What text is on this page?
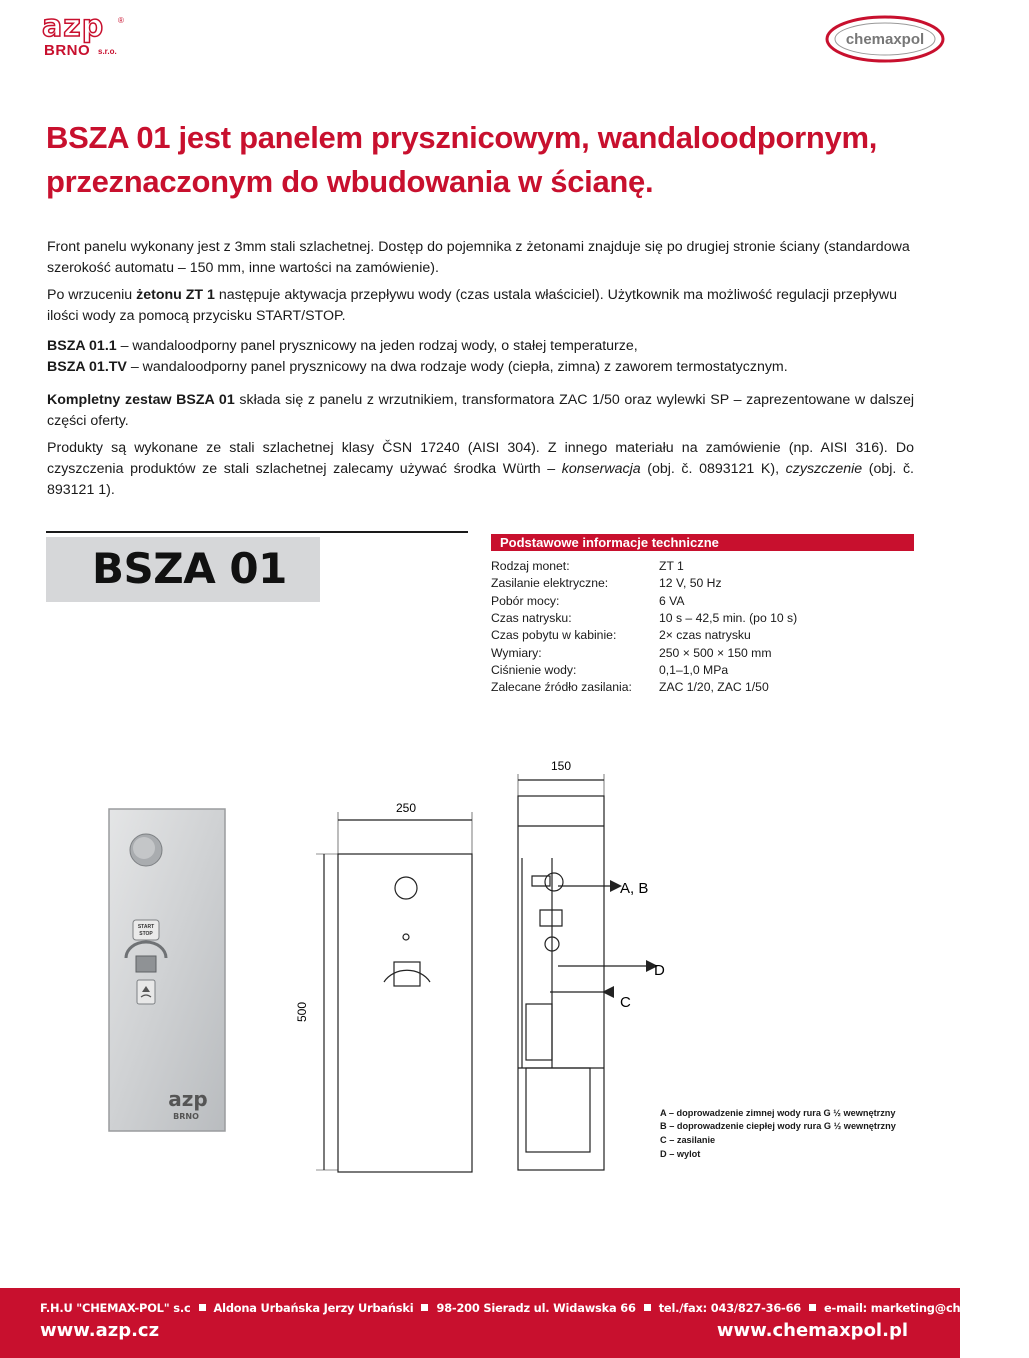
azp ®
BRNO s.r.o.
chemaxpol
BSZA 01 jest panelem prysznicowym, wandaloodpornym, przeznaczonym do wbudowania w ścianę.

Front panelu wykonany jest z 3mm stali szlachetnej. Dostęp do pojemnika z żetonami znajduje się po drugiej stronie ściany (standardowa szerokość automatu – 150 mm, inne wartości na zamówienie).

Po wrzuceniu żetonu ZT 1 następuje aktywacja przepływu wody (czas ustala właściciel). Użytkownik ma możliwość regulacji przepływu ilości wody za pomocą przycisku START/STOP.

BSZA 01.1 – wandaloodporny panel prysznicowy na jeden rodzaj wody, o stałej temperaturze,
BSZA 01.TV – wandaloodporny panel prysznicowy na dwa rodzaje wody (ciepła, zimna) z zaworem termostatycznym.

Kompletny zestaw BSZA 01 składa się z panelu z wrzutnikiem, transformatora ZAC 1/50 oraz wylewki SP – zaprezentowane w dalszej części oferty.

Produkty są wykonane ze stali szlachetnej klasy ČSN 17240 (AISI 304). Z innego materiału na zamówienie (np. AISI 316). Do czyszczenia produktów ze stali szlachetnej zalecamy używać środka Würth – konserwacja (obj. č. 0893121 K), czyszczenie (obj. č. 893121 1).

BSZA 01
Podstawowe informacje techniczne
Rodzaj monet:	ZT 1
Zasilanie elektryczne:	12 V, 50 Hz
Pobór mocy:	6 VA
Czas natrysku:	10 s – 42,5 min. (po 10 s)
Czas pobytu w kabinie:	2× czas natrysku
Wymiary:	250 × 500 × 150 mm
Ciśnienie wody:	0,1–1,0 MPa
Zalecane źródło zasilania: ZAC 1/20, ZAC 1/50
START
STOP
azp
BRNO
250
500
150
A, B
D
C
A – doprowadzenie zimnej wody rura G ½ wewnętrzny
B – doprowadzenie ciepłej wody rura G ½ wewnętrzny
C – zasilanie
D – wylot
F.H.U "CHEMAX-POL" s.c Aldona Urbańska Jerzy Urbański 98-200 Sieradz ul. Widawska 66 tel./fax: 043/827-36-66 e-mail: marketing@chemaxpol.pl
www.azp.cz	www.chemaxpol.pl
